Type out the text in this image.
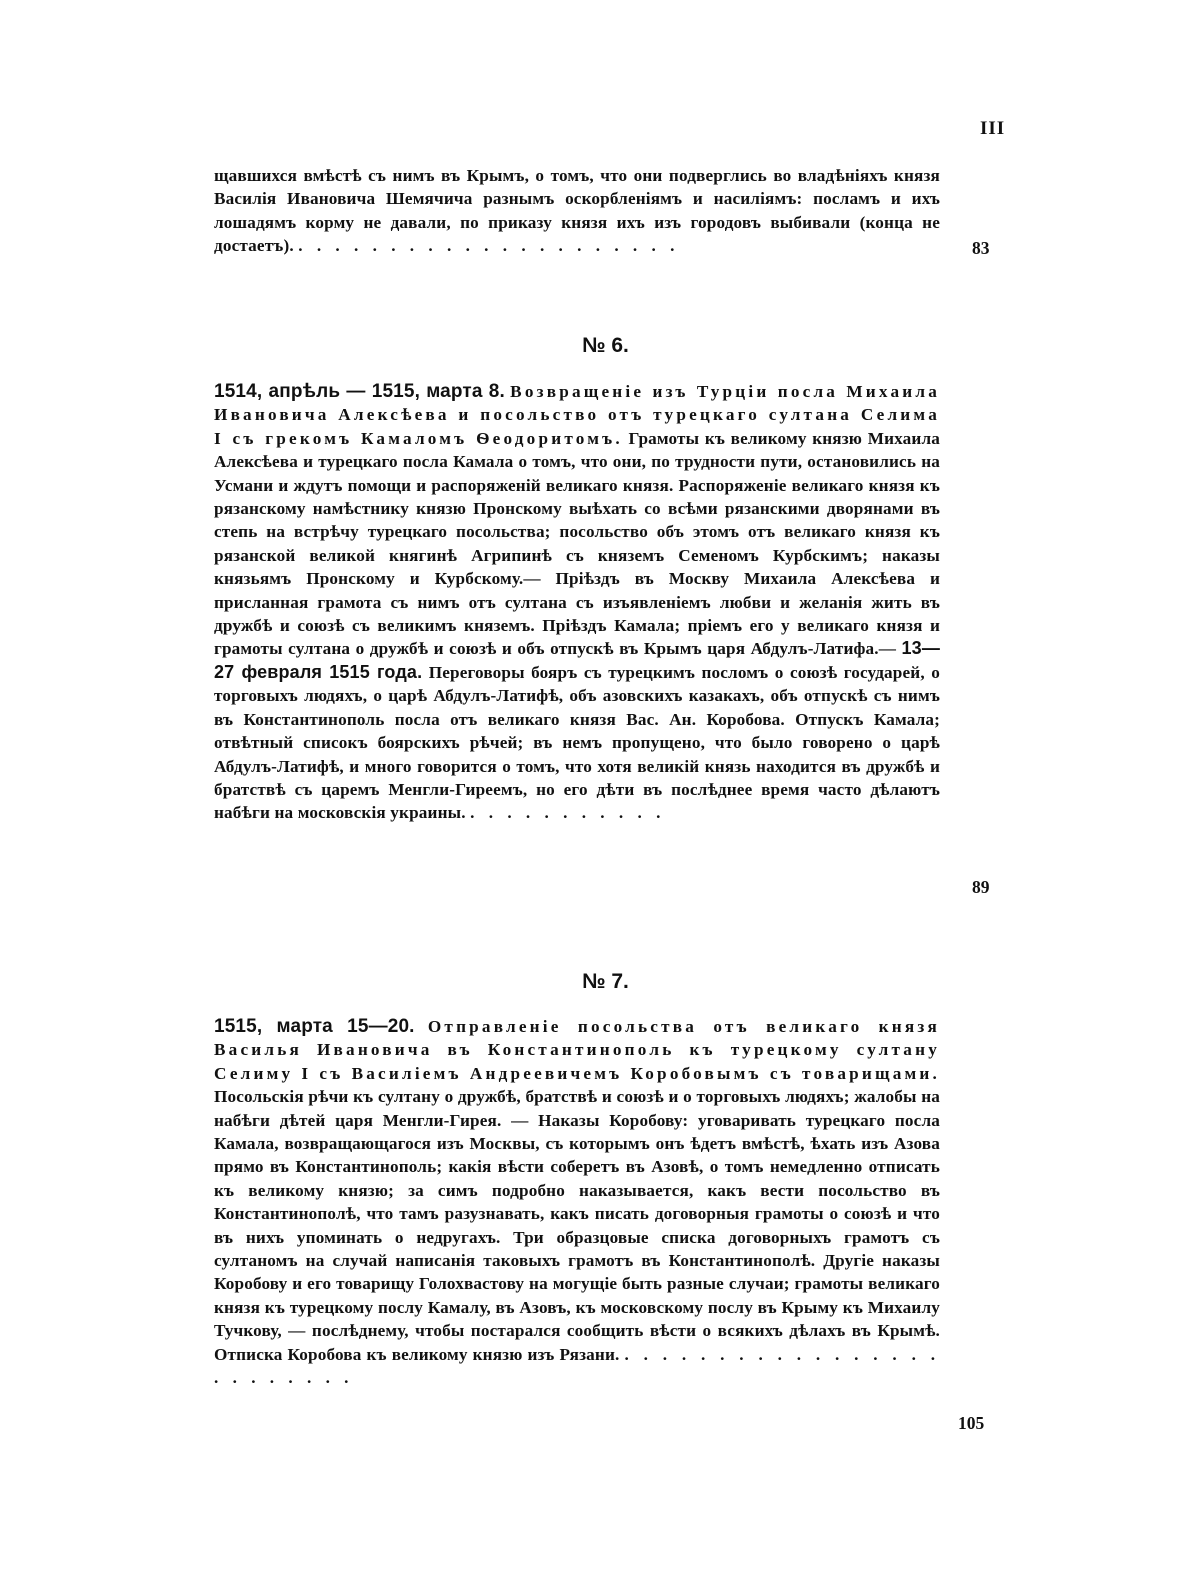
III
щавшихся вмѣстѣ съ нимъ въ Крымъ, о томъ, что они подверглись во владѣніяхъ князя Василія Ивановича Шемячича разнымъ оскорбленіямъ и насиліямъ: посламъ и ихъ лошадямъ корму не давали, по приказу князя ихъ изъ городовъ выбивали (конца не достаетъ). . . . . . . . . . . . . . . . . . . . . .	83
№ 6.
1514, апрѣль — 1515, марта 8. Возвращеніе изъ Турціи посла Михаила Ивановича Алексѣева и посольство отъ турецкаго султана Селима I съ грекомъ Камаломъ Ѳеодоритомъ. Грамоты къ великому князю Михаила Алексѣева и турецкаго посла Камала о томъ, что они, по трудности пути, остановились на Усмани и ждутъ помощи и распоряженій великаго князя. Распоряженіе великаго князя къ рязанскому намѣстнику князю Пронскому выѣхать со всѣми рязанскими дворянами въ степь на встрѣчу турецкаго посольства; посольство объ этомъ отъ великаго князя къ рязанской великой княгинѣ Агрипинѣ съ княземъ Семеномъ Курбскимъ; наказы князьямъ Пронскому и Курбскому.— Пріѣздъ въ Москву Михаила Алексѣева и присланная грамота съ нимъ отъ султана съ изъявленіемъ любви и желанія жить въ дружбѣ и союзѣ съ великимъ княземъ. Пріѣздъ Камала; пріемъ его у великаго князя и грамоты султана о дружбѣ и союзѣ и объ отпускѣ въ Крымъ царя Абдулъ-Латифа.— 13—27 февраля 1515 года. Переговоры бояръ съ турецкимъ посломъ о союзѣ государей, о торговыхъ людяхъ, о царѣ Абдулъ-Латифѣ, объ азовскихъ казакахъ, объ отпускѣ съ нимъ въ Константинополь посла отъ великаго князя Вас. Ан. Коробова. Отпускъ Камала; отвѣтный списокъ боярскихъ рѣчей; въ немъ пропущено, что было говорено о царѣ Абдулъ-Латифѣ, и много говорится о томъ, что хотя великій князь находится въ дружбѣ и братствѣ съ царемъ Менгли-Гиреемъ, но его дѣти въ послѣднее время часто дѣлаютъ набѣги на московскія украины. . . . . . . . . . . .
89
№ 7.
1515, марта 15—20. Отправленіе посольства отъ великаго князя Василья Ивановича въ Константинополь къ турецкому султану Селиму I съ Василіемъ Андреевичемъ Коробовымъ съ товарищами. Посольскія рѣчи къ султану о дружбѣ, братствѣ и союзѣ и о торговыхъ людяхъ; жалобы на набѣги дѣтей царя Менгли-Гирея. — Наказы Коробову: уговаривать турецкаго посла Камала, возвращающагося изъ Москвы, съ которымъ онъ ѣдетъ вмѣстѣ, ѣхать изъ Азова прямо въ Константинополь; какія вѣсти соберетъ въ Азовѣ, о томъ немедленно отписать къ великому князю; за симъ подробно наказывается, какъ вести посольство въ Константинополѣ, что тамъ разузнавать, какъ писать договорныя грамоты о союзѣ и что въ нихъ упоминать о недругахъ. Три образцовые списка договорныхъ грамотъ съ султаномъ на случай написанія таковыхъ грамотъ въ Константинополѣ. Другіе наказы Коробову и его товарищу Голохвастову на могущіе быть разные случаи; грамоты великаго князя къ турецкому послу Камалу, въ Азовъ, къ московскому послу въ Крыму къ Михаилу Тучкову, — послѣднему, чтобы постарался сообщить вѣсти о всякихъ дѣлахъ въ Крымѣ. Отписка Коробова къ великому князю изъ Рязани. . . . . . . . . . . . . . . . . . . . . . . . . .
105
